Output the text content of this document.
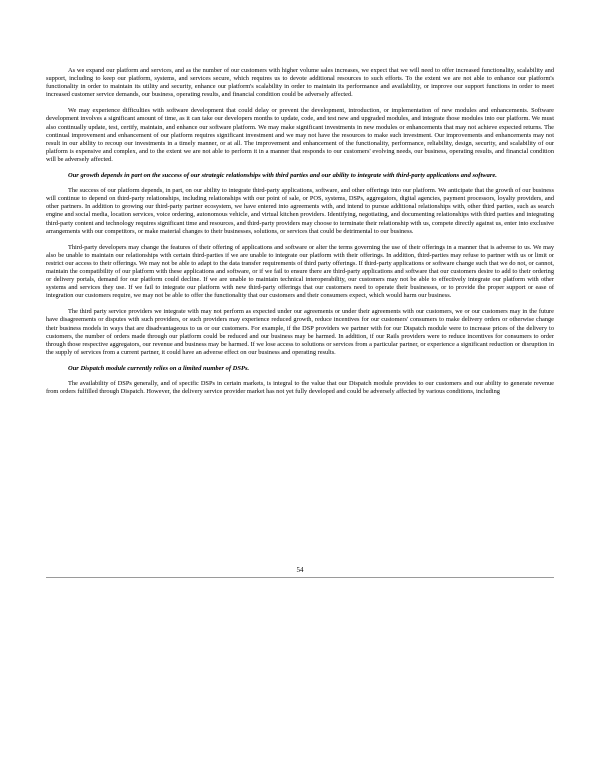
As we expand our platform and services, and as the number of our customers with higher volume sales increases, we expect that we will need to offer increased functionality, scalability and support, including to keep our platform, systems, and services secure, which requires us to devote additional resources to such efforts. To the extent we are not able to enhance our platform's functionality in order to maintain its utility and security, enhance our platform's scalability in order to maintain its performance and availability, or improve our support functions in order to meet increased customer service demands, our business, operating results, and financial condition could be adversely affected.

We may experience difficulties with software development that could delay or prevent the development, introduction, or implementation of new modules and enhancements. Software development involves a significant amount of time, as it can take our developers months to update, code, and test new and upgraded modules, and integrate those modules into our platform. We must also continually update, test, certify, maintain, and enhance our software platform. We may make significant investments in new modules or enhancements that may not achieve expected returns. The continual improvement and enhancement of our platform requires significant investment and we may not have the resources to make such investment. Our improvements and enhancements may not result in our ability to recoup our investments in a timely manner, or at all. The improvement and enhancement of the functionality, performance, reliability, design, security, and scalability of our platform is expensive and complex, and to the extent we are not able to perform it in a manner that responds to our customers' evolving needs, our business, operating results, and financial condition will be adversely affected.

Our growth depends in part on the success of our strategic relationships with third parties and our ability to integrate with third-party applications and software.

The success of our platform depends, in part, on our ability to integrate third-party applications, software, and other offerings into our platform. We anticipate that the growth of our business will continue to depend on third-party relationships, including relationships with our point of sale, or POS, systems, DSPs, aggregators, digital agencies, payment processors, loyalty providers, and other partners. In addition to growing our third-party partner ecosystem, we have entered into agreements with, and intend to pursue additional relationships with, other third parties, such as search engine and social media, location services, voice ordering, autonomous vehicle, and virtual kitchen providers. Identifying, negotiating, and documenting relationships with third parties and integrating third-party content and technology requires significant time and resources, and third-party providers may choose to terminate their relationship with us, compete directly against us, enter into exclusive arrangements with our competitors, or make material changes to their businesses, solutions, or services that could be detrimental to our business.

Third-party developers may change the features of their offering of applications and software or alter the terms governing the use of their offerings in a manner that is adverse to us. We may also be unable to maintain our relationships with certain third-parties if we are unable to integrate our platform with their offerings. In addition, third-parties may refuse to partner with us or limit or restrict our access to their offerings. We may not be able to adapt to the data transfer requirements of third party offerings. If third-party applications or software change such that we do not, or cannot, maintain the compatibility of our platform with these applications and software, or if we fail to ensure there are third-party applications and software that our customers desire to add to their ordering or delivery portals, demand for our platform could decline. If we are unable to maintain technical interoperability, our customers may not be able to effectively integrate our platform with other systems and services they use. If we fail to integrate our platform with new third-party offerings that our customers need to operate their businesses, or to provide the proper support or ease of integration our customers require, we may not be able to offer the functionality that our customers and their consumers expect, which would harm our business.

The third party service providers we integrate with may not perform as expected under our agreements or under their agreements with our customers, we or our customers may in the future have disagreements or disputes with such providers, or such providers may experience reduced growth, reduce incentives for our customers' consumers to make delivery orders or otherwise change their business models in ways that are disadvantageous to us or our customers. For example, if the DSP providers we partner with for our Dispatch module were to increase prices of the delivery to customers, the number of orders made through our platform could be reduced and our business may be harmed. In addition, if our Rails providers were to reduce incentives for consumers to order through those respective aggregators, our revenue and business may be harmed. If we lose access to solutions or services from a particular partner, or experience a significant reduction or disruption in the supply of services from a current partner, it could have an adverse effect on our business and operating results.

Our Dispatch module currently relies on a limited number of DSPs.

The availability of DSPs generally, and of specific DSPs in certain markets, is integral to the value that our Dispatch module provides to our customers and our ability to generate revenue from orders fulfilled through Dispatch. However, the delivery service provider market has not yet fully developed and could be adversely affected by various conditions, including

54
